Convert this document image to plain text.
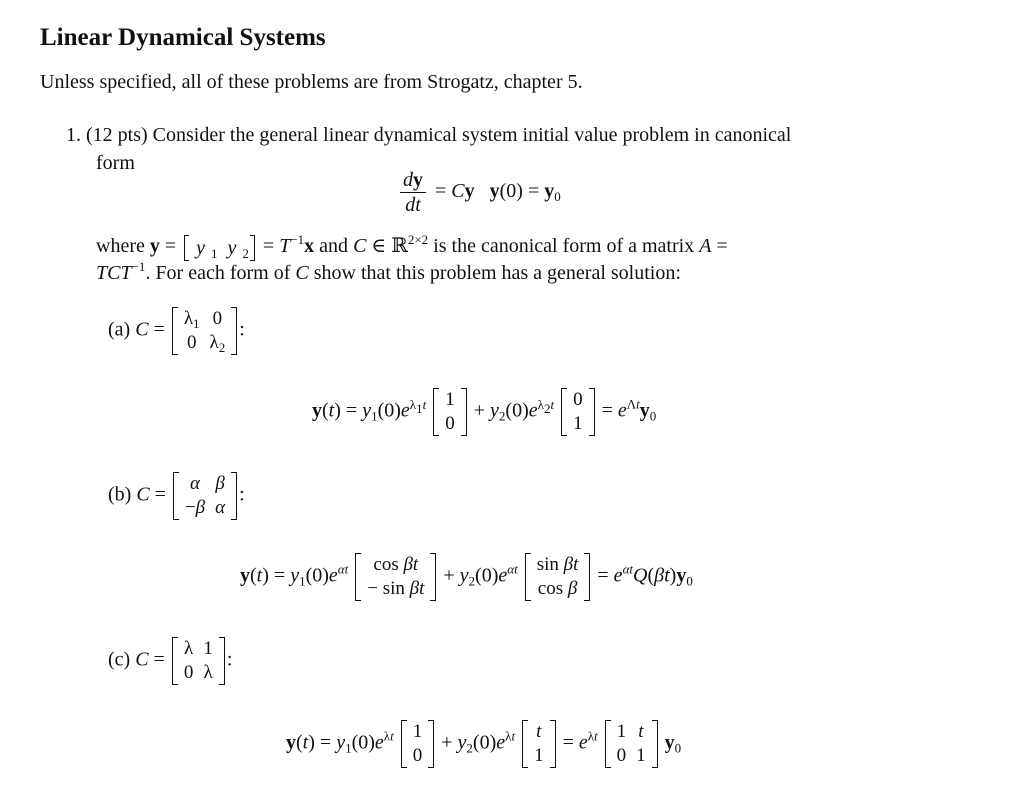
Linear Dynamical Systems
Unless specified, all of these problems are from Strogatz, chapter 5.
1. (12 pts) Consider the general linear dynamical system initial value problem in canonical
form
$\frac{dy}{dt} = Cy$ $y(0) = y_0$
where y = y $_1$ y $_2 = T^{-1}x$ and C ∈ ℝ$^{2\times 2}$ is the canonical form of a matrix A =
$TCT^{-1}$. For each form of C show that this problem has a general solution:
(a) C =
$\lambda_1$	0
0	$\lambda_2$
:
$y(t) = y_1(0)e^{\lambda_1t}$ 1
0
+ $y_2(0)e^{\lambda_2t}$ 0
1
= $e^{\Lambda t}y_0$
(b) C =
α	β
−β	α
:
$y(t) = y_1(0)e^{\alpha t}$ cos βt
− sin βt
+ $y_2(0)e^{\alpha t}$ sin βt
cos β
= $e^{\alpha t}Q(\beta t)y_0$
(c) C =
λ	1
0	λ
:
$y(t) = y_1(0)e^{\lambda t}$ 1
0
+ $y_2(0)e^{\lambda t}$ t
1
= $e^{\lambda t}$ 1	t
0	1
$y_0$
